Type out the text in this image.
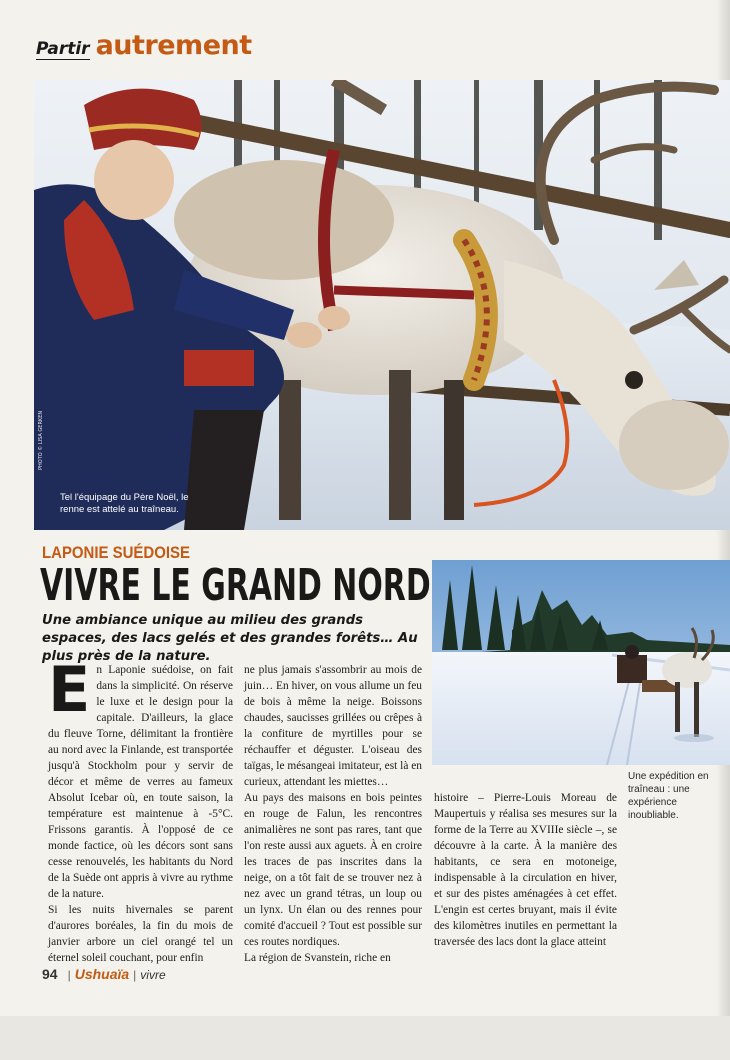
Partir autrement
PHOTO © LISA GERKEN
Tel l'équipage du Père Noël, le renne est attelé au traîneau.
LAPONIE SUÉDOISE
VIVRE LE GRAND NORD
Une ambiance unique au milieu des grands espaces, des lacs gelés et des grandes forêts… Au plus près de la nature.

En Laponie suédoise, on fait dans la simplicité. On réserve le luxe et le design pour la capitale. D'ailleurs, la glace du fleuve Torne, délimitant la frontière au nord avec la Finlande, est transportée jusqu'à Stockholm pour y servir de décor et même de verres au fameux Absolut Icebar où, en toute saison, la température est maintenue à -5°C. Frissons garantis. À l'opposé de ce monde factice, où les décors sont sans cesse renouvelés, les habitants du Nord de la Suède ont appris à vivre au rythme de la nature.

Si les nuits hivernales se parent d'aurores boréales, la fin du mois de janvier arbore un ciel orangé tel un éternel soleil couchant, pour enfin

ne plus jamais s'assombrir au mois de juin… En hiver, on vous allume un feu de bois à même la neige. Boissons chaudes, saucisses grillées ou crêpes à la confiture de myrtilles pour se réchauffer et déguster. L'oiseau des taïgas, le mésangeai imitateur, est là en curieux, attendant les miettes…

Au pays des maisons en bois peintes en rouge de Falun, les rencontres animalières ne sont pas rares, tant que l'on reste aussi aux aguets. À en croire les traces de pas inscrites dans la neige, on a tôt fait de se trouver nez à nez avec un grand tétras, un loup ou un lynx. Un élan ou des rennes pour comité d'accueil ? Tout est possible sur ces routes nordiques.

La région de Svanstein, riche en

Une expédition en traîneau : une expérience inoubliable.

histoire – Pierre-Louis Moreau de Maupertuis y réalisa ses mesures sur la forme de la Terre au XVIIIe siècle –, se découvre à la carte. À la manière des habitants, ce sera en motoneige, indispensable à la circulation en hiver, et sur des pistes aménagées à cet effet. L'engin est certes bruyant, mais il évite des kilomètres inutiles en permettant la traversée des lacs dont la glace atteint

94 | Ushuaïa | vivre
